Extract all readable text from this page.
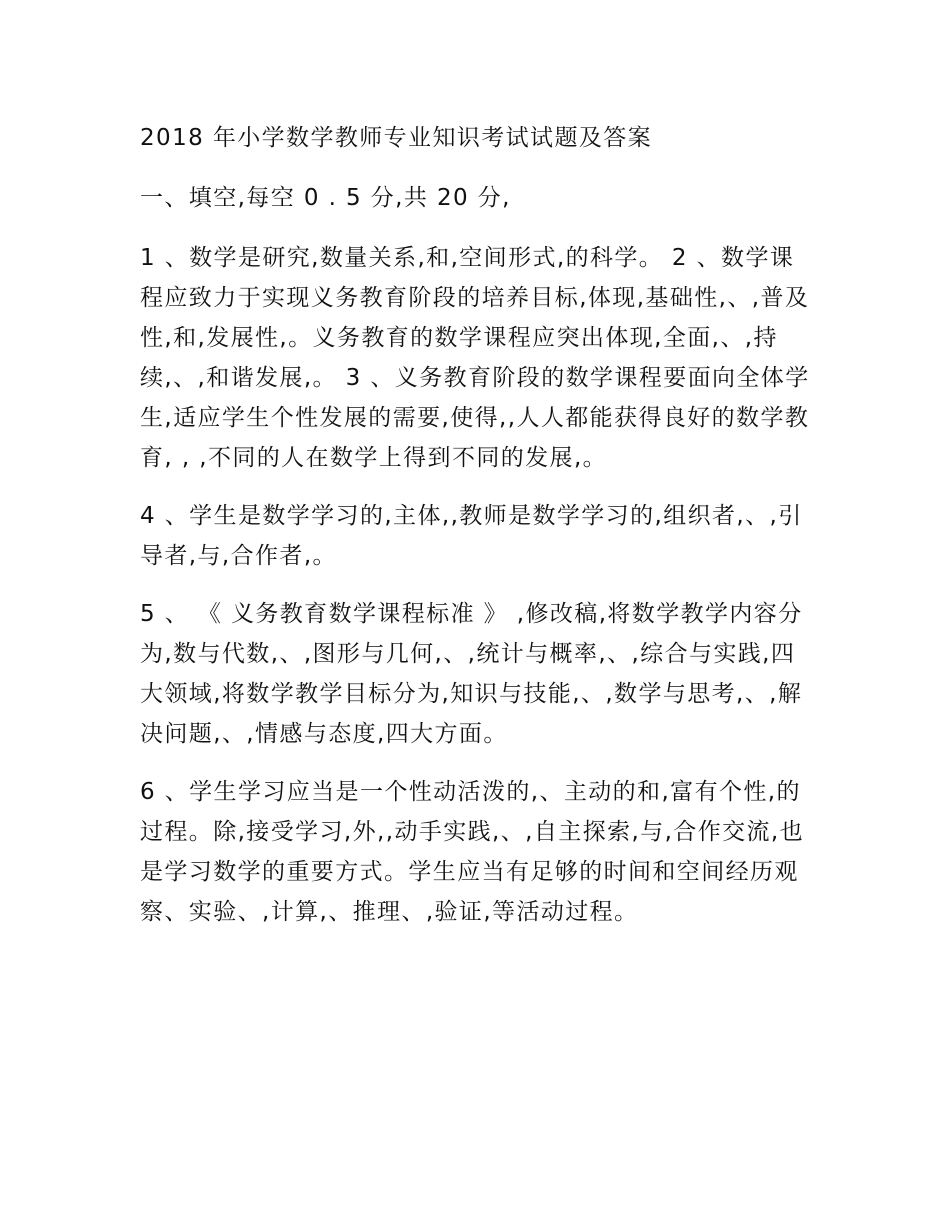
2018 年小学数学教师专业知识考试试题及答案

一、填空,每空 0 . 5 分,共 20 分,

1 、数学是研究,数量关系,和,空间形式,的科学。 2 、数学课程应致力于实现义务教育阶段的培养目标,体现,基础性,、,普及性,和,发展性,。义务教育的数学课程应突出体现,全面,、,持续,、,和谐发展,。 3 、义务教育阶段的数学课程要面向全体学生,适应学生个性发展的需要,使得,,人人都能获得良好的数学教育, , ,不同的人在数学上得到不同的发展,。

4 、学生是数学学习的,主体,,教师是数学学习的,组织者,、,引导者,与,合作者,。

5 、 《 义务教育数学课程标准 》 ,修改稿,将数学教学内容分为,数与代数,、,图形与几何,、,统计与概率,、,综合与实践,四大领域,将数学教学目标分为,知识与技能,、,数学与思考,、,解决问题,、,情感与态度,四大方面。

6 、学生学习应当是一个性动活泼的,、主动的和,富有个性,的过程。除,接受学习,外,,动手实践,、,自主探索,与,合作交流,也是学习数学的重要方式。学生应当有足够的时间和空间经历观察、实验、,计算,、推理、,验证,等活动过程。
